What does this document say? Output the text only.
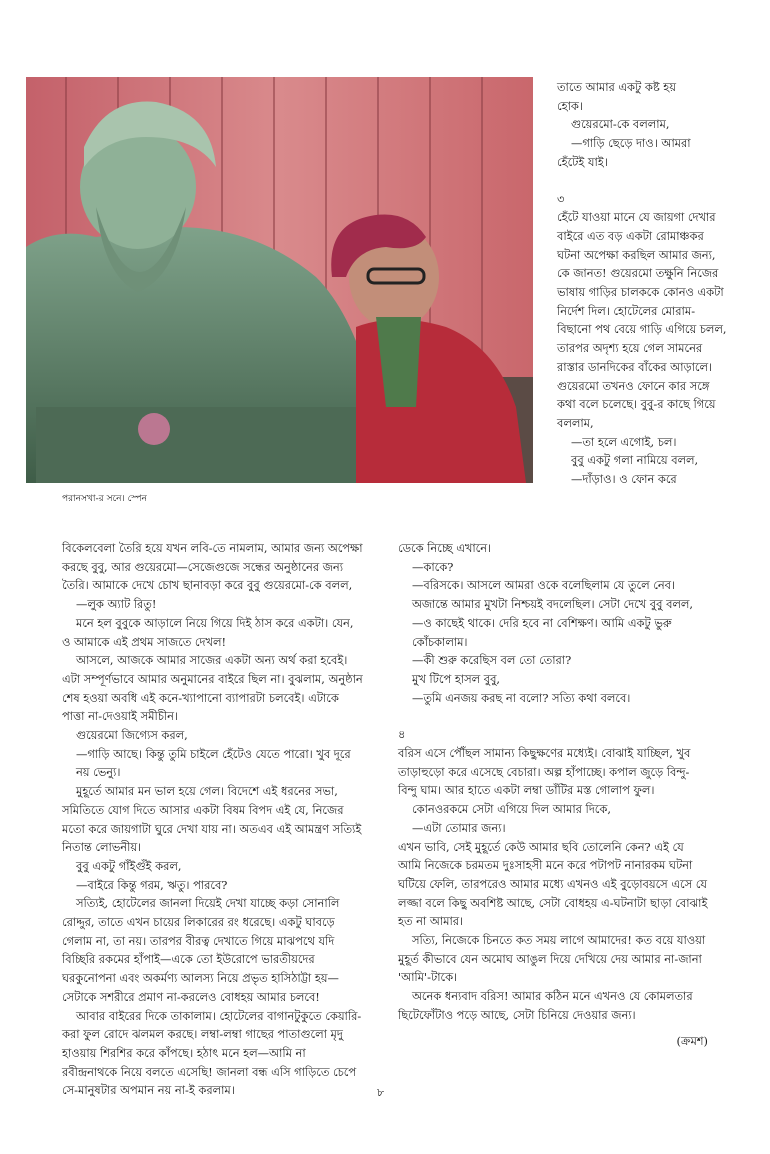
পরানসখা-র সনে। স্পেন

তাতে আমার একটু কষ্ট হয়

হোক।

গুয়েরমো-কে বললাম,

—গাড়ি ছেড়ে দাও। আমরা

হেঁটেই যাই।

৩

হেঁটে যাওয়া মানে যে জায়গা দেখার বাইরে এত বড় একটা রোমাঞ্চকর ঘটনা অপেক্ষা করছিল আমার জন্য, কে জানত! গুয়েরমো তক্ষুনি নিজের ভাষায় গাড়ির চালককে কোনও একটা নির্দেশ দিল। হোটেলের মোরাম-বিছানো পথ বেয়ে গাড়ি এগিয়ে চলল, তারপর অদৃশ্য হয়ে গেল সামনের রাস্তার ডানদিকের বাঁকের আড়ালে। গুয়েরমো তখনও ফোনে কার সঙ্গে কথা বলে চলেছে। বুবু-র কাছে গিয়ে বললাম,

—তা হলে এগোই, চল।

বুবু একটু গলা নামিয়ে বলল,

—দাঁড়াও। ও ফোন করে

বিকেলবেলা তৈরি হয়ে যখন লবি-তে নামলাম, আমার জন্য অপেক্ষা করছে বুবু, আর গুয়েরমো—সেজেগুজে সন্ধের অনুষ্ঠানের জন্য তৈরি। আমাকে দেখে চোখ ছানাবড়া করে বুবু গুয়েরমো-কে বলল,

—লুক অ্যাট রিতু!

মনে হল বুবুকে আড়ালে নিয়ে গিয়ে দিই ঠাস করে একটা। যেন, ও আমাকে এই প্রথম সাজতে দেখল!

আসলে, আজকে আমার সাজের একটা অন্য অর্থ করা হবেই। এটা সম্পূর্ণভাবে আমার অনুমানের বাইরে ছিল না। বুঝলাম, অনুষ্ঠান শেষ হওয়া অবধি এই কনে-খ্যাপানো ব্যাপারটা চলবেই। এটাকে পাত্তা না-দেওয়াই সমীচীন।

গুয়েরমো জিগ্যেস করল,

—গাড়ি আছে। কিন্তু তুমি চাইলে হেঁটেও যেতে পারো। খুব দূরে নয় ভেন্যু।

মুহূর্তে আমার মন ভাল হয়ে গেল। বিদেশে এই ধরনের সভা, সমিতিতে যোগ দিতে আসার একটা বিষম বিপদ এই যে, নিজের মতো করে জায়গাটা ঘুরে দেখা যায় না। অতএব এই আমন্ত্রণ সত্যিই নিতান্ত লোভনীয়।

বুবু একটু গাঁইগুঁই করল,

—বাইরে কিন্তু গরম, ঋতু। পারবে?

সত্যিই, হোটেলের জানলা দিয়েই দেখা যাচ্ছে কড়া সোনালি রোদ্দুর, তাতে এখন চায়ের লিকারের রং ধরেছে। একটু ঘাবড়ে গেলাম না, তা নয়। তারপর বীরত্ব দেখাতে গিয়ে মাঝপথে যদি বিচ্ছিরি রকমের হাঁপাই—একে তো ইউরোপে ভারতীয়দের ঘরকুনোপনা এবং অকর্মণ্য আলস্য নিয়ে প্রভৃত হাসিঠাট্টা হয়—সেটাকে সশরীরে প্রমাণ না-করলেও বোধহয় আমার চলবে!

আবার বাইরের দিকে তাকালাম। হোটেলের বাগানটুকুতে কেয়ারি-করা ফুল রোদে ঝলমল করছে। লম্বা-লম্বা গাছের পাতাগুলো মৃদু হাওয়ায় শিরশির করে কাঁপছে। হঠাৎ মনে হল—আমি না রবীন্দ্রনাথকে নিয়ে বলতে এসেছি! জানলা বন্ধ এসি গাড়িতে চেপে সে-মানুষটার অপমান নয় না-ই করলাম।

ডেকে নিচ্ছে এখানে।

—কাকে?

—বরিসকে। আসলে আমরা ওকে বলেছিলাম যে তুলে নেব।

অজান্তে আমার মুখটা নিশ্চয়ই বদলেছিল। সেটা দেখে বুবু বলল,

—ও কাছেই থাকে। দেরি হবে না বেশিক্ষণ। আমি একটু ভুরু কোঁচকালাম।

—কী শুরু করেছিস বল তো তোরা?

মুখ টিপে হাসল বুবু,

—তুমি এনজয় করছ না বলো? সত্যি কথা বলবে।

৪

বরিস এসে পৌঁছল সামান্য কিছুক্ষণের মধ্যেই। বোঝাই যাচ্ছিল, খুব তাড়াহুড়ো করে এসেছে বেচারা। অল্প হাঁপাচ্ছে। কপাল জুড়ে বিন্দু-বিন্দু ঘাম। আর হাতে একটা লম্বা ডাঁটির মস্ত গোলাপ ফুল।

কোনওরকমে সেটা এগিয়ে দিল আমার দিকে,

—এটা তোমার জন্য।

এখন ভাবি, সেই মুহূর্তে কেউ আমার ছবি তোলেনি কেন? এই যে আমি নিজেকে চরমতম দুঃসাহসী মনে করে পটাপট নানারকম ঘটনা ঘটিয়ে ফেলি, তারপরেও আমার মধ্যে এখনও এই বুড়োবয়সে এসে যে লজ্জা বলে কিছু অবশিষ্ট আছে, সেটা বোধহয় এ-ঘটনাটা ছাড়া বোঝাই হত না আমার।

সত্যি, নিজেকে চিনতে কত সময় লাগে আমাদের! কত বয়ে যাওয়া মুহূর্ত কীভাবে যেন অমোঘ আঙুল দিয়ে দেখিয়ে দেয় আমার না-জানা 'আমি'-টাকে।

অনেক ধন্যবাদ বরিস! আমার কঠিন মনে এখনও যে কোমলতার ছিটেফোঁটাও পড়ে আছে, সেটা চিনিয়ে দেওয়ার জন্য।

(ক্রমশ)
৮
